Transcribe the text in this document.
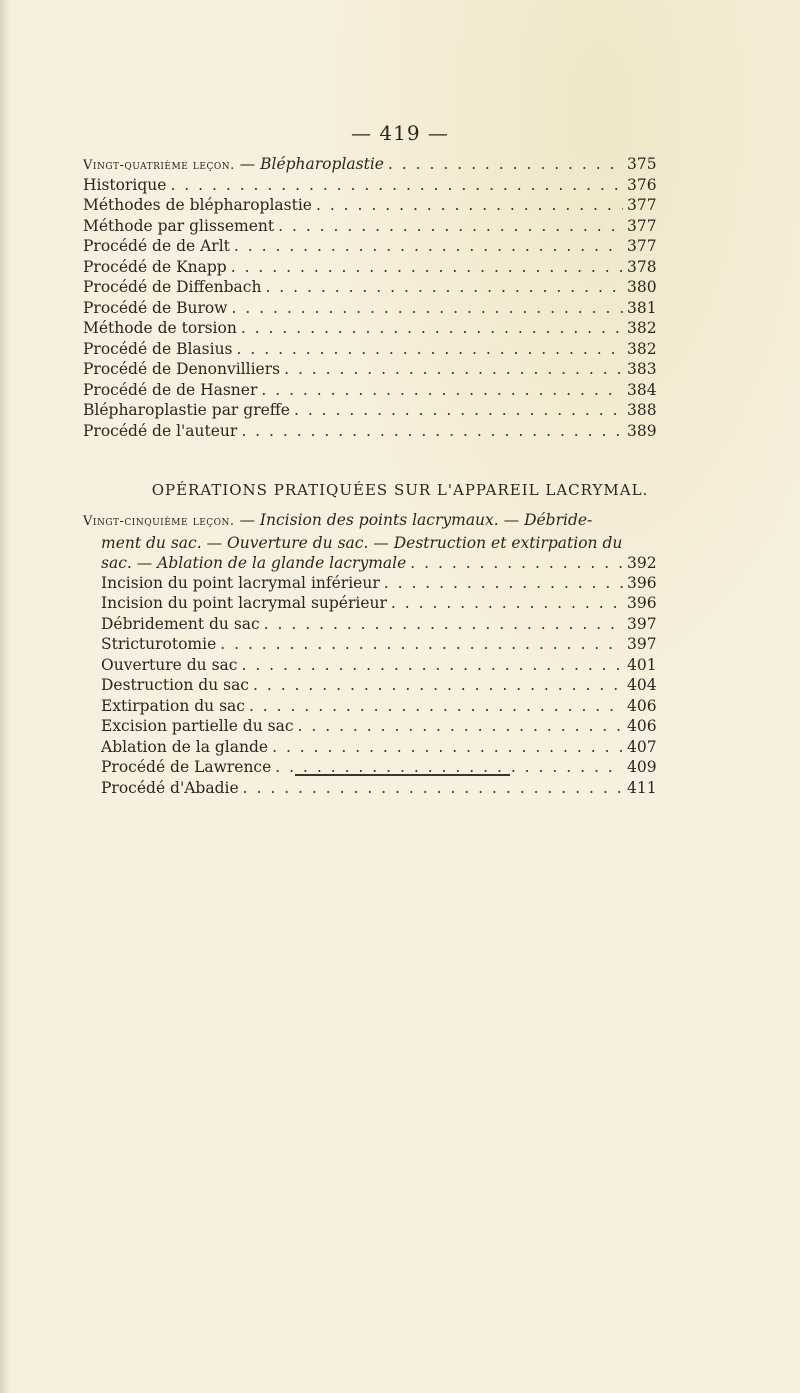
— 419 —
Vingt-quatrième leçon. — Blépharoplastie . . .	375
Historique . . .	376
Méthodes de blépharoplastie . . .	377
Méthode par glissement . . .	377
Procédé de de Arlt . . .	377
Procédé de Knapp . . .	378
Procédé de Diffenbach . . .	380
Procédé de Burow . . .	381
Méthode de torsion . . .	382
Procédé de Blasius . . .	382
Procédé de Denonvilliers . . .	383
Procédé de de Hasner . . .	384
Blépharoplastie par greffe . . .	388
Procédé de l'auteur . . .	389
OPÉRATIONS PRATIQUÉES SUR L'APPAREIL LACRYMAL.

Vingt-cinquième leçon. — Incision des points lacrymaux. — Débride-

ment du sac. — Ouverture du sac. — Destruction et extirpation du

sac. — Ablation de la glande lacrymale . . .	392
Incision du point lacrymal inférieur . . .	396
Incision du point lacrymal supérieur . . .	396
Débridement du sac . . .	397
Stricturotomie . . .	397
Ouverture du sac . . .	401
Destruction du sac . . .	404
Extirpation du sac . . .	406
Excision partielle du sac . . .	406
Ablation de la glande . . .	407
Procédé de Lawrence . . .	409
Procédé d'Abadie . . .	411
